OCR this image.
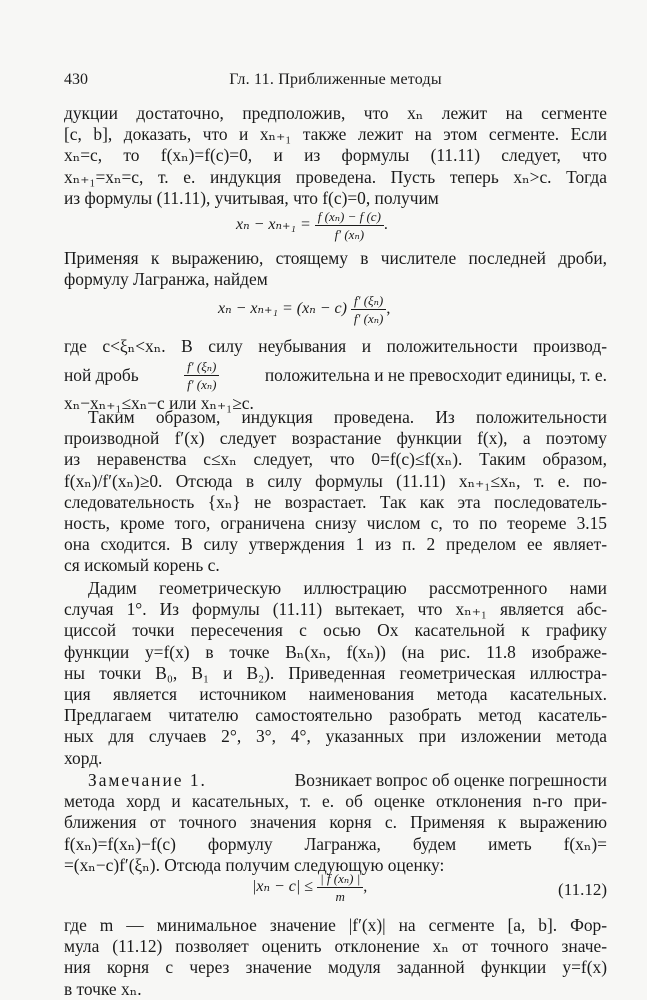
430	Гл. 11. Приближенные методы
дукции достаточно, предположив, что xₙ лежит на сегменте
[c, b], доказать, что и xₙ₊₁ также лежит на этом сегменте. Если
xₙ=c, то f(xₙ)=f(c)=0, и из формулы (11.11) следует, что
xₙ₊₁=xₙ=c, т. е. индукция проведена. Пусть теперь xₙ>c. Тогда
из формулы (11.11), учитывая, что f(c)=0, получим
$x_n - x_{n+1} = \frac{\text{f (xₙ) − f (c)}}{\text{f′ (xₙ)}}$ .
Применяя к выражению, стоящему в числителе последней дроби,
формулу Лагранжа, найдем
$x_n - x_{n+1} = (x_n - c) \frac{\text{f′ (ξₙ)}}{\text{f′ (xₙ)}}$ ,
где c<ξₙ<xₙ. В силу неубывания и положительности производ-
ной дробь	$\frac{\text{f′ (ξₙ)}}{\text{f′ (xₙ)}}$	положительна и не превосходит единицы, т. е.
xₙ−xₙ₊₁≤xₙ−c или xₙ₊₁≥c.
Таким образом, индукция проведена. Из положительности
производной f′(x) следует возрастание функции f(x), а поэтому
из неравенства c≤xₙ следует, что 0=f(c)≤f(xₙ). Таким образом,
f(xₙ)/f′(xₙ)≥0. Отсюда в силу формулы (11.11) xₙ₊₁≤xₙ, т. е. по-
следовательность {xₙ} не возрастает. Так как эта последователь-
ность, кроме того, ограничена снизу числом c, то по теореме 3.15
она сходится. В силу утверждения 1 из п. 2 пределом ее являет-
ся искомый корень c.
Дадим геометрическую иллюстрацию рассмотренного нами
случая 1°. Из формулы (11.11) вытекает, что xₙ₊₁ является абс-
циссой точки пересечения с осью Ox касательной к графику
функции y=f(x) в точке Bₙ(xₙ, f(xₙ)) (на рис. 11.8 изображе-
ны точки B₀, B₁ и B₂). Приведенная геометрическая иллюстра-
ция является источником наименования метода касательных.
Предлагаем читателю самостоятельно разобрать метод касатель-
ных для случаев 2°, 3°, 4°, указанных при изложении метода
хорд.
Замечание 1.	Возникает вопрос об оценке погрешности
метода хорд и касательных, т. е. об оценке отклонения n-го при-
ближения от точного значения корня c. Применяя к выражению
f(xₙ)=f(xₙ)−f(c) формулу Лагранжа, будем иметь f(xₙ)=
=(xₙ−c)f′(ξₙ). Отсюда получим следующую оценку:
$|x_n - c| \le \frac{\text{| f (xₙ) |}}{m}$ ,	(11.12)
где m — минимальное значение |f′(x)| на сегменте [a, b]. Фор-
мула (11.12) позволяет оценить отклонение xₙ от точного значе-
ния корня c через значение модуля заданной функции y=f(x)
в точке xₙ.
